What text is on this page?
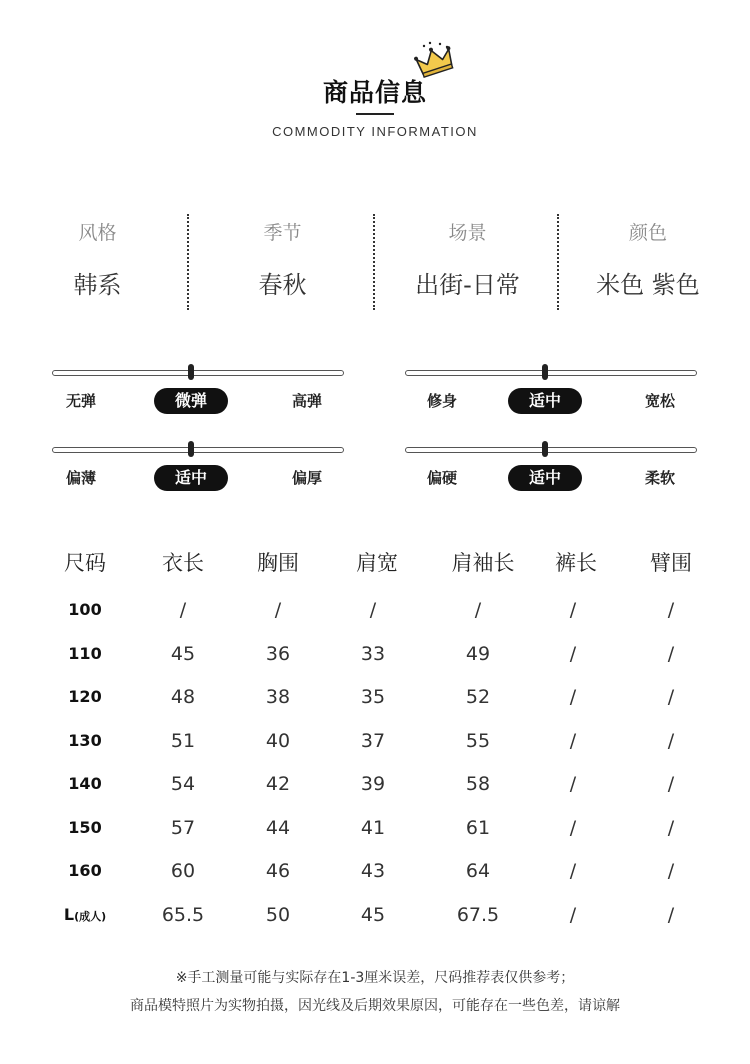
商品信息
COMMODITY INFORMATION
风格
韩系
季节
春秋
场景
出街-日常
颜色
米色 紫色
无弹	微弹	高弹	修身	适中	宽松
偏薄	适中	偏厚	偏硬	适中	柔软
尺码	衣长	胸围	肩宽	肩袖长	裤长	臂围
100	/	/	/	/	/	/
110	45	36	33	49	/	/
120	48	38	35	52	/	/
130	51	40	37	55	/	/
140	54	42	39	58	/	/
150	57	44	41	61	/	/
160	60	46	43	64	/	/
L(成人)	65.5	50	45	67.5	/	/
※手工测量可能与实际存在1-3厘米误差，尺码推荐表仅供参考；
商品模特照片为实物拍摄，因光线及后期效果原因，可能存在一些色差，请谅解
